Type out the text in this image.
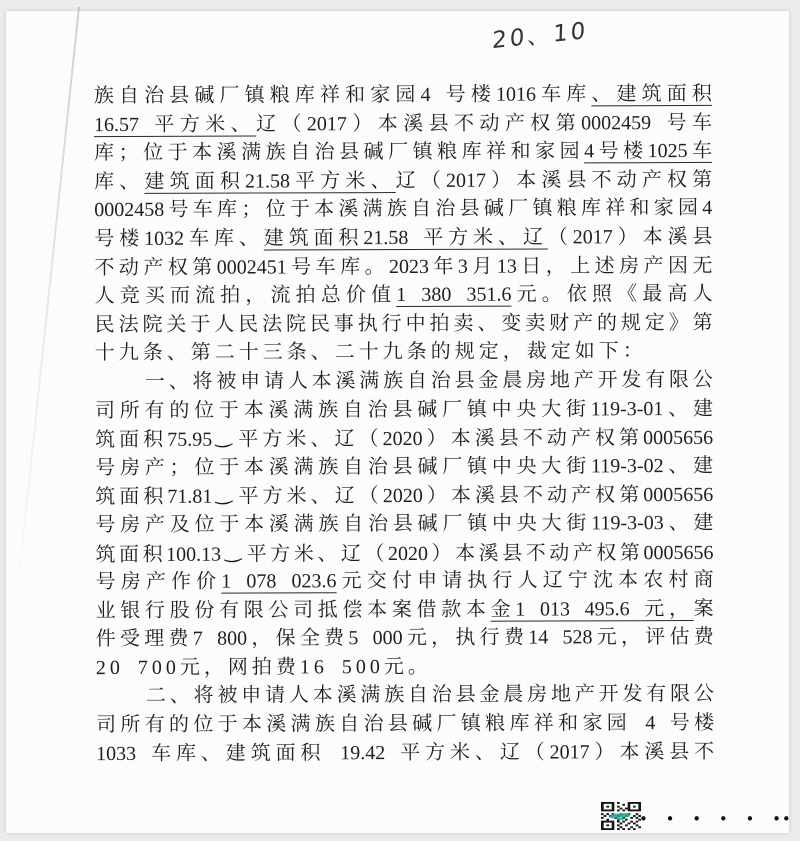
20、10
族自治县碱厂镇粮库祥和家园4 号楼1016车库、建筑面积
16.57 平方米、辽（2017）本溪县不动产权第0002459 号车
库；位于本溪满族自治县碱厂镇粮库祥和家园4号楼1025车
库、建筑面积21.58平方米、辽（2017）本溪县不动产权第
0002458号车库；位于本溪满族自治县碱厂镇粮库祥和家园4
号楼1032车库、建筑面积21.58 平方米、辽（2017）本溪县
不动产权第0002451号车库。2023年3月13日，上述房产因无
人竞买而流拍，流拍总价值1 380 351.6元。依照《最高人
民法院关于人民法院民事执行中拍卖、变卖财产的规定》第
十九条、第二十三条、二十九条的规定，裁定如下：
一、将被申请人本溪满族自治县金晨房地产开发有限公
司所有的位于本溪满族自治县碱厂镇中央大街119-3-01、建
筑面积75.95 ‿ 平方米、辽（2020）本溪县不动产权第0005656
号房产；位于本溪满族自治县碱厂镇中央大街119-3-02、建
筑面积71.81 ‿ 平方米、辽（2020）本溪县不动产权第0005656
号房产及位于本溪满族自治县碱厂镇中央大街119-3-03、建
筑面积100.13 ‿ 平方米、辽（2020）本溪县不动产权第0005656
号房产作价1 078 023.6元交付申请执行人辽宁沈本农村商
业银行股份有限公司抵偿本案借款本金1 013 495.6 元，案
件受理费7 800，保全费5 000元，执行费14 528元，评估费
20 700元，网拍费16 500元。
二、将被申请人本溪满族自治县金晨房地产开发有限公
司所有的位于本溪满族自治县碱厂镇粮库祥和家园 4 号楼
1033 车库、建筑面积 19.42 平方米、辽（2017）本溪县不
• • • • • ••
